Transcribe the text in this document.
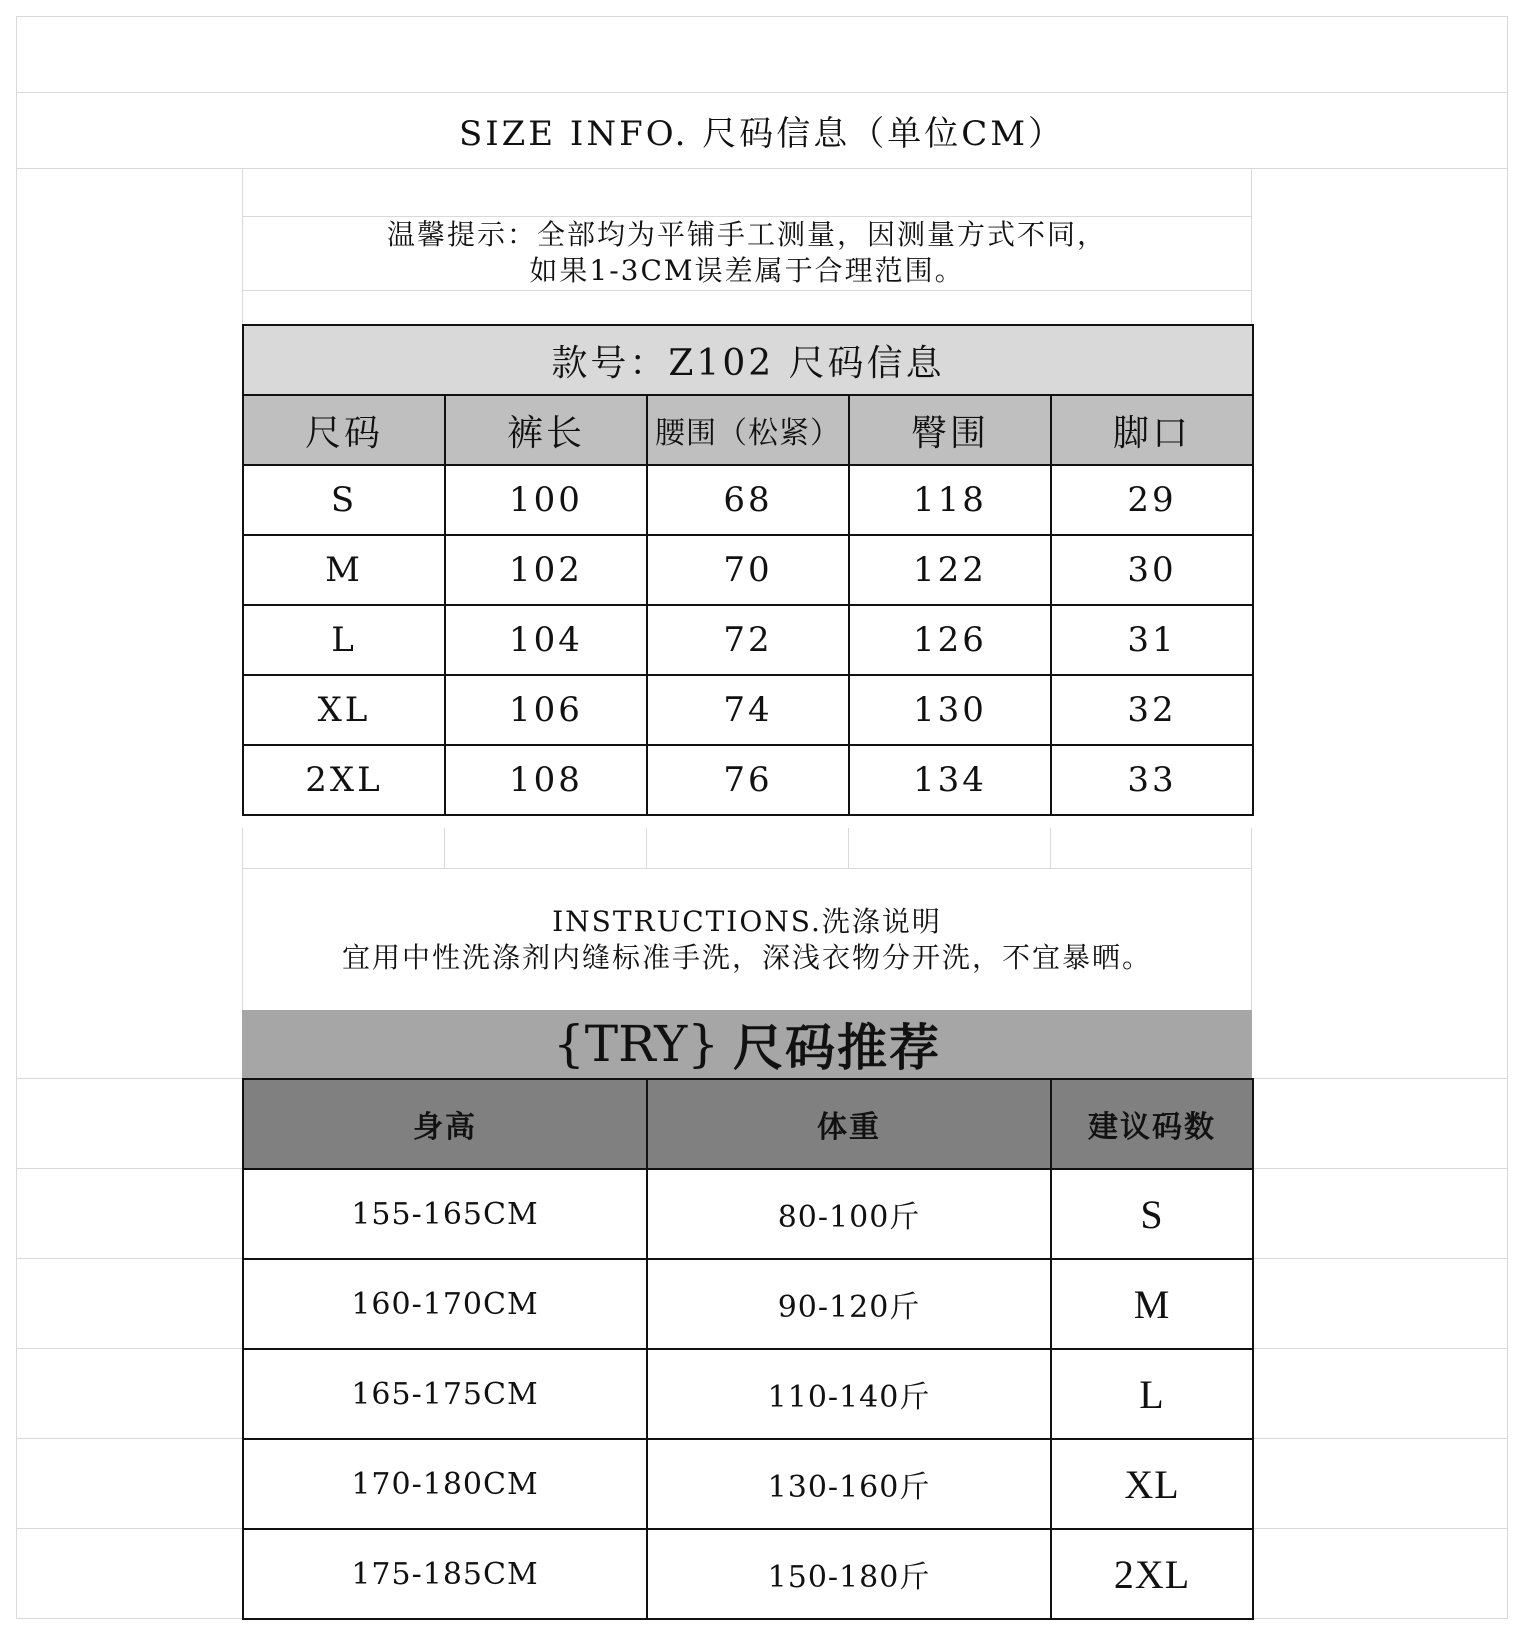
SIZE INFO. 尺码信息（单位CM）
温馨提示：全部均为平铺手工测量，因测量方式不同，
如果1-3CM误差属于合理范围。
款号：Z102 尺码信息				
尺码	裤长	腰围（松紧）	臀围	脚口
S	100	68	118	29
M	102	70	122	30
L	104	72	126	31
XL	106	74	130	32
2XL	108	76	134	33
INSTRUCTIONS.洗涤说明
宜用中性洗涤剂内缝标准手洗，深浅衣物分开洗，不宜暴晒。
{TRY} 尺码推荐
身高	体重	建议码数
155-165CM	80-100斤	S
160-170CM	90-120斤	M
165-175CM	110-140斤	L
170-180CM	130-160斤	XL
175-185CM	150-180斤	2XL
